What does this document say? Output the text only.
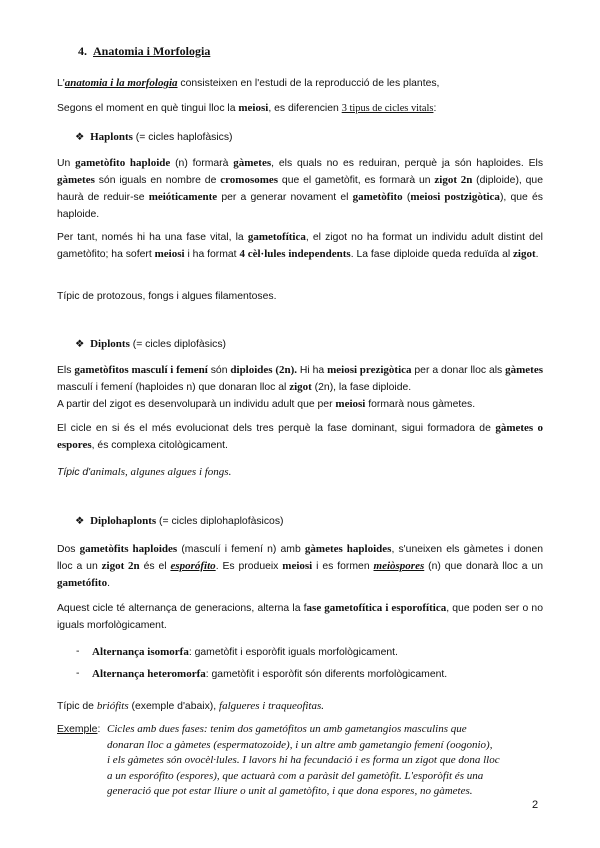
4. Anatomia i Morfologia

L'anatomia i la morfologia consisteixen en l'estudi de la reproducció de les plantes,

Segons el moment en què tingui lloc la meiosi, es diferencien 3 tipus de cicles vitals:

❖ Haplonts (= cicles haplofàsics)

Un gametòfito haploide (n) formarà gàmetes, els quals no es reduiran, perquè ja són haploides. Els gàmetes són iguals en nombre de cromosomes que el gametòfit, es formarà un zigot 2n (diploide), que haurà de reduir-se meióticamente per a generar novament el gametòfito (meiosi postzigòtica), que és haploide.

Per tant, només hi ha una fase vital, la gametofítica, el zigot no ha format un individu adult distint del gametòfito; ha sofert meiosi i ha format 4 cèl·lules independents. La fase diploide queda reduïda al zigot.

Típic de protozous, fongs i algues filamentoses.

❖ Diplonts (= cicles diplofàsics)

Els gametòfitos masculí i femení són diploides (2n). Hi ha meiosi prezigòtica per a donar lloc als gàmetes masculí i femení (haploides n) que donaran lloc al zigot (2n), la fase diploide.
A partir del zigot es desenvoluparà un individu adult que per meiosi formarà nous gàmetes.

El cicle en si és el més evolucionat dels tres perquè la fase dominant, sigui formadora de gàmetes o espores, és complexa citològicament.

Típic d'animals, algunes algues i fongs.

❖ Diplohaplonts (= cicles diplohaplofàsicos)

Dos gametòfits haploides (masculí i femení n) amb gàmetes haploides, s'uneixen els gàmetes i donen lloc a un zigot 2n és el esporófito. Es produeix meiosi i es formen meiòspores (n) que donarà lloc a un gametófito.

Aquest cicle té alternança de generacions, alterna la fase gametofítica i esporofítica, que poden ser o no iguals morfològicament.

- Alternança isomorfa: gametòfit i esporòfit iguals morfològicament.
- Alternança heteromorfa: gametòfit i esporòfit són diferents morfològicament.

Típic de briófits (exemple d'abaix), falgueres i traqueofitas.

Exemple: Cicles amb dues fases: tenim dos gametófitos un amb gametangios masculins que
donaran lloc a gàmetes (espermatozoide), i un altre amb gametangio femení (oogonio),
i els gàmetes són ovocèl·lules. I lavors hi ha fecundació i es forma un zigot que dona lloc
a un esporófito (espores), que actuarà com a paràsit del gametòfit. L'esporòfit és una
generació que pot estar lliure o unit al gametòfito, i que dona espores, no gàmetes.
2
